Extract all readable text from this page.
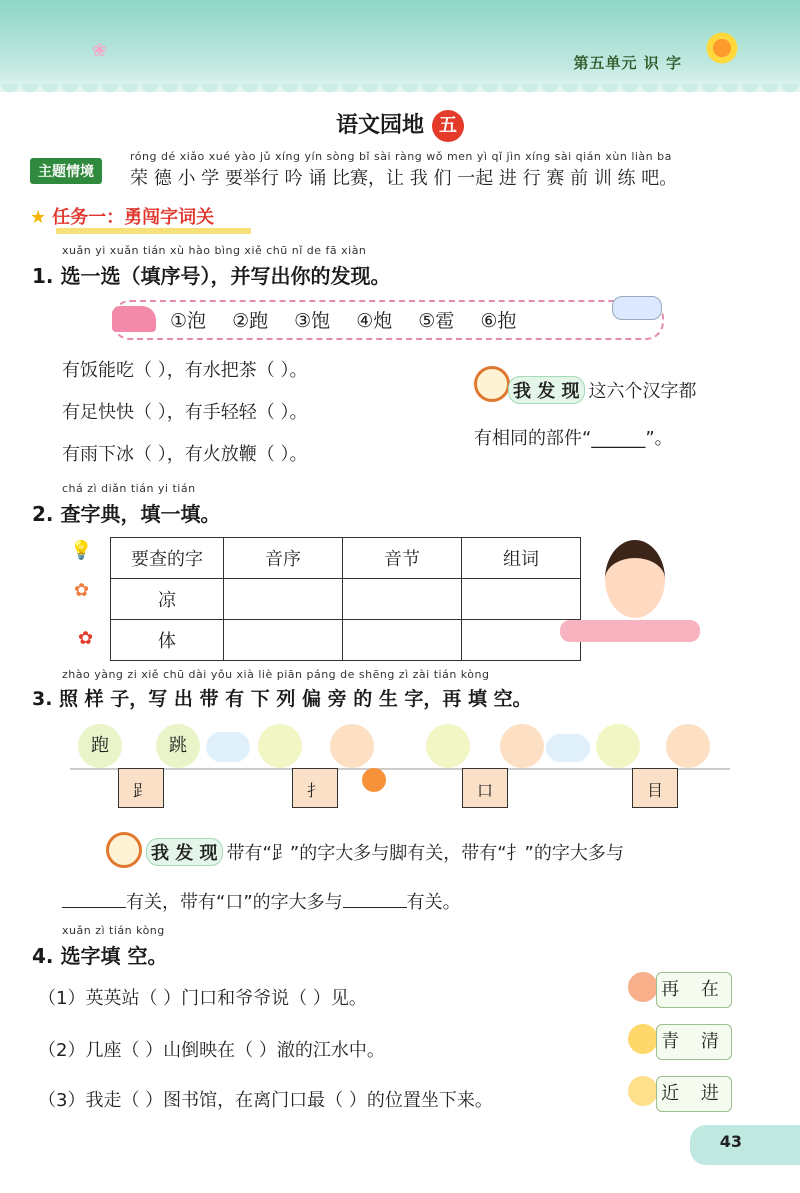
❀
第五单元 识 字
语文园地 五
主题情境
róng dé xiǎo xué yào jǔ xíng yín sòng bǐ sài ràng wǒ men yì qǐ jìn xíng sài qián xùn liàn ba
荣 德 小 学 要举行 吟 诵 比赛，让 我 们 一起 进 行 赛 前 训 练 吧。
★ 任务一：勇闯字词关
xuǎn yi xuǎn tián xù hào bìng xiě chū nǐ de fā xiàn
1. 选一选（填序号），并写出你的发现。
①泡 ②跑 ③饱 ④炮 ⑤雹 ⑥抱
有饭能吃（ ），有水把茶（ ）。
有足快快（ ），有手轻轻（ ）。
有雨下冰（ ），有火放鞭（ ）。
我 发 现 这六个汉字都
有相同的部件“______”。
chá zì diǎn tián yi tián
2. 查字典，填一填。
💡
✿
✿
要查的字	音序	音节	组词
凉			
体			
zhào yàng zi xiě chū dài yǒu xià liè piān páng de shēng zì zài tián kòng
3. 照 样 子，写 出 带 有 下 列 偏 旁 的 生 字，再 填 空。
跑	跳
𧾷	扌	口	目
我 发 现 带有“𧾷”的字大多与脚有关，带有“扌”的字大多与
有关，带有“口”的字大多与	有关。
xuǎn zì tián kòng
4. 选字填 空。
（1）英英站（ ）门口和爷爷说（ ）见。
（2）几座（ ）山倒映在（ ）澈的江水中。
（3）我走（ ）图书馆，在离门口最（ ）的位置坐下来。
再 在
青 清
近 进
43
